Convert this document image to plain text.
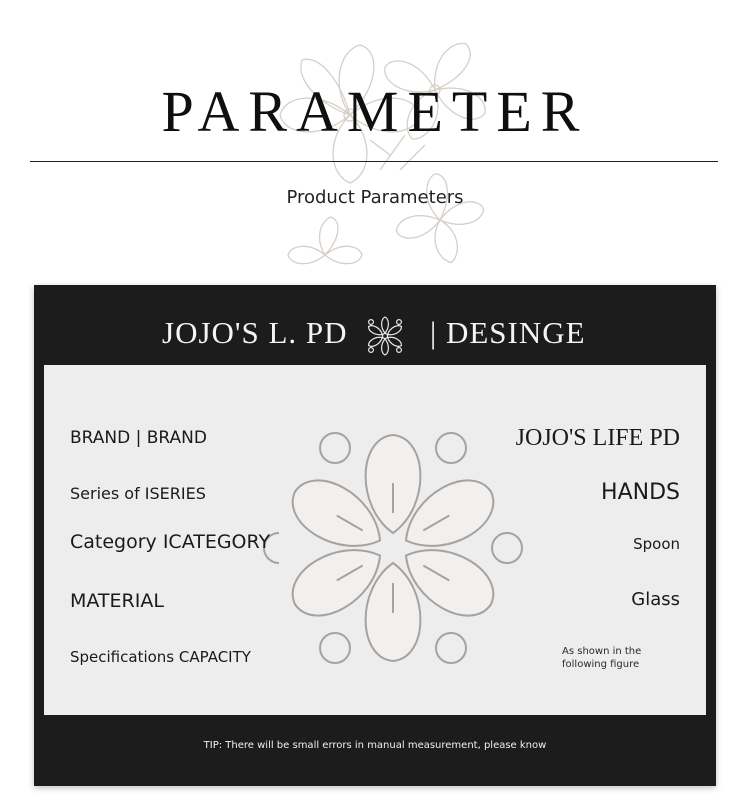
PARAMETER
Product Parameters
JOJO'S L. PD	| DESINGE
BRAND | BRAND	JOJO'S LIFE PD
Series of ISERIES	HANDS
Category ICATEGORY	Spoon
MATERIAL	Glass
Specifications CAPACITY	As shown in the
following figure
TIP: There will be small errors in manual measurement, please know
